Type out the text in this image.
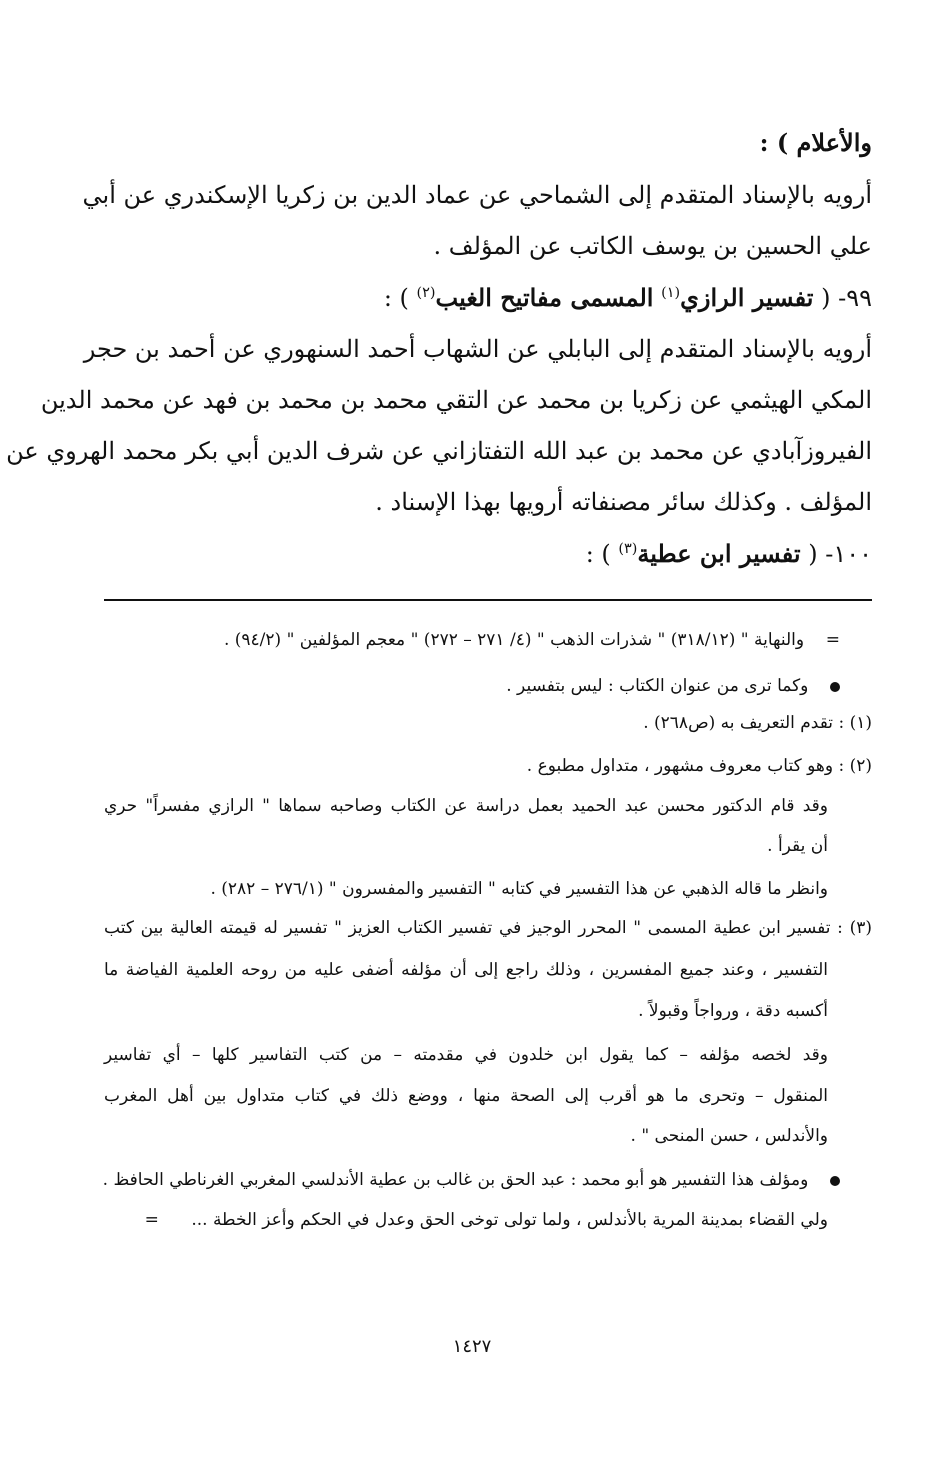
والأعلام ) :
أرويه بالإسناد المتقدم إلى الشماحي عن عماد الدين بن زكريا الإسكندري عن أبي
علي الحسين بن يوسف الكاتب عن المؤلف .
٩٩- ( تفسير الرازي$^{(١)}$ المسمى مفاتيح الغيب$^{(٢)}$ ) :
أرويه بالإسناد المتقدم إلى البابلي عن الشهاب أحمد السنهوري عن أحمد بن حجر
المكي الهيثمي عن زكريا بن محمد عن التقي محمد بن محمد بن فهد عن محمد الدين
الفيروزآبادي عن محمد بن عبد الله التفتازاني عن شرف الدين أبي بكر محمد الهروي عن
المؤلف . وكذلك سائر مصنفاته أرويها بهذا الإسناد .
١٠٠- ( تفسير ابن عطية$^{(٣)}$ ) :
=    والنهاية " (٣١٨/١٢) " شذرات الذهب " (٤/ ٢٧١ – ٢٧٢) " معجم المؤلفين " (٩٤/٢) .
وكما ترى من عنوان الكتاب : ليس بتفسير .
(١) : تقدم التعريف به (ص٢٦٨) .
(٢) : وهو كتاب معروف مشهور ، متداول مطبوع .
وقد قام الدكتور محسن عبد الحميد بعمل دراسة عن الكتاب وصاحبه سماها " الرازي مفسراً" حري
أن يقرأ .
وانظر ما قاله الذهبي عن هذا التفسير في كتابه " التفسير والمفسرون " (٢٧٦/١ – ٢٨٢) .
(٣) : تفسير ابن عطية المسمى " المحرر الوجيز في تفسير الكتاب العزيز " تفسير له قيمته العالية بين كتب
التفسير ، وعند جميع المفسرين ، وذلك راجع إلى أن مؤلفه أضفى عليه من روحه العلمية الفياضة ما
أكسبه دقة ، ورواجاً وقبولاً .
وقد لخصه مؤلفه – كما يقول ابن خلدون في مقدمته – من كتب التفاسير كلها – أي تفاسير
المنقول – وتحرى ما هو أقرب إلى الصحة منها ، ووضع ذلك في كتاب متداول بين أهل المغرب
والأندلس ، حسن المنحى " .
ومؤلف هذا التفسير هو أبو محمد : عبد الحق بن غالب بن عطية الأندلسي المغربي الغرناطي الحافظ .
ولي القضاء بمدينة المرية بالأندلس ، ولما تولى توخى الحق وعدل في الحكم وأعز الخطة ...      =
١٤٢٧
